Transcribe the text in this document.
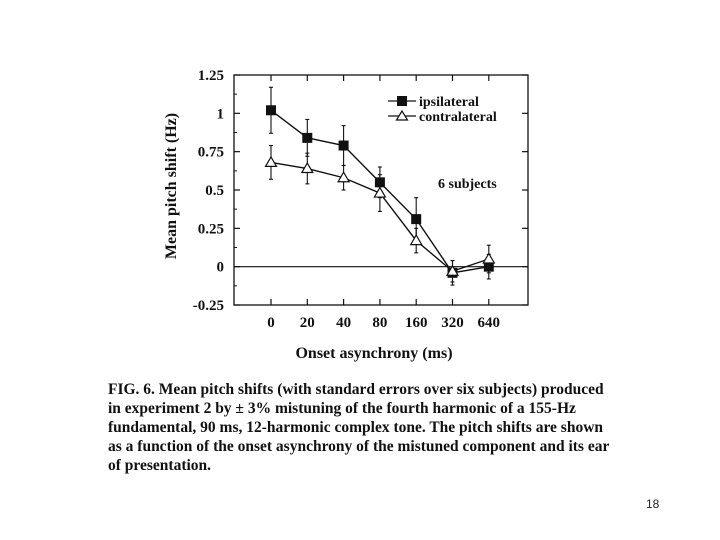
1.25
1
0.75
0.5
0.25
0
-0.25
0 20 40 80 160 320 640
Mean pitch shift (Hz)
Onset asynchrony (ms)
ipsilateral
contralateral
6 subjects
FIG. 6. Mean pitch shifts (with standard errors over six subjects) produced
in experiment 2 by ± 3% mistuning of the fourth harmonic of a 155-Hz
fundamental, 90 ms, 12-harmonic complex tone. The pitch shifts are shown
as a function of the onset asynchrony of the mistuned component and its ear
of presentation.
18
